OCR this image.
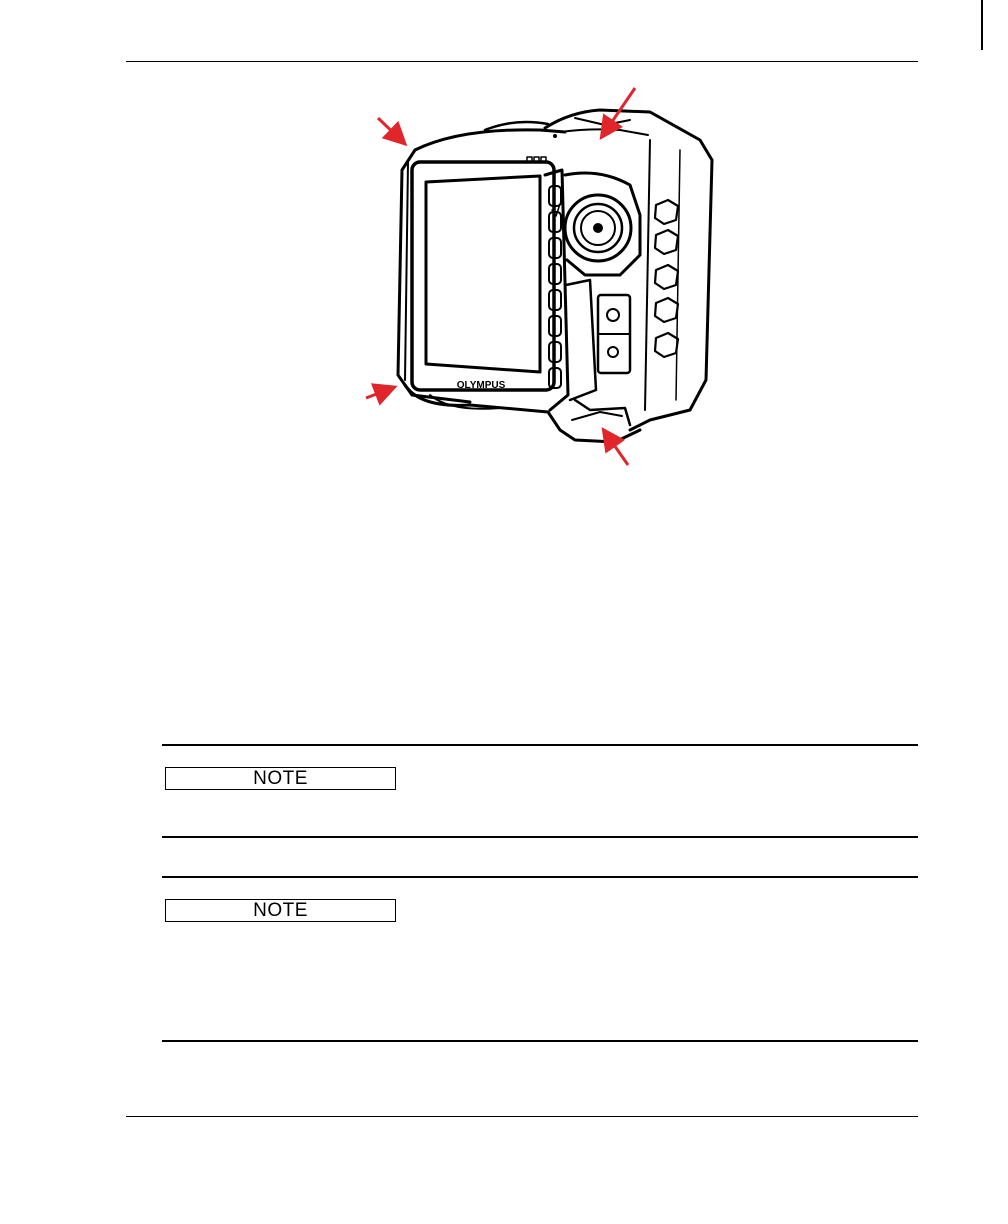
OLYMPUS
NOTE
NOTE
